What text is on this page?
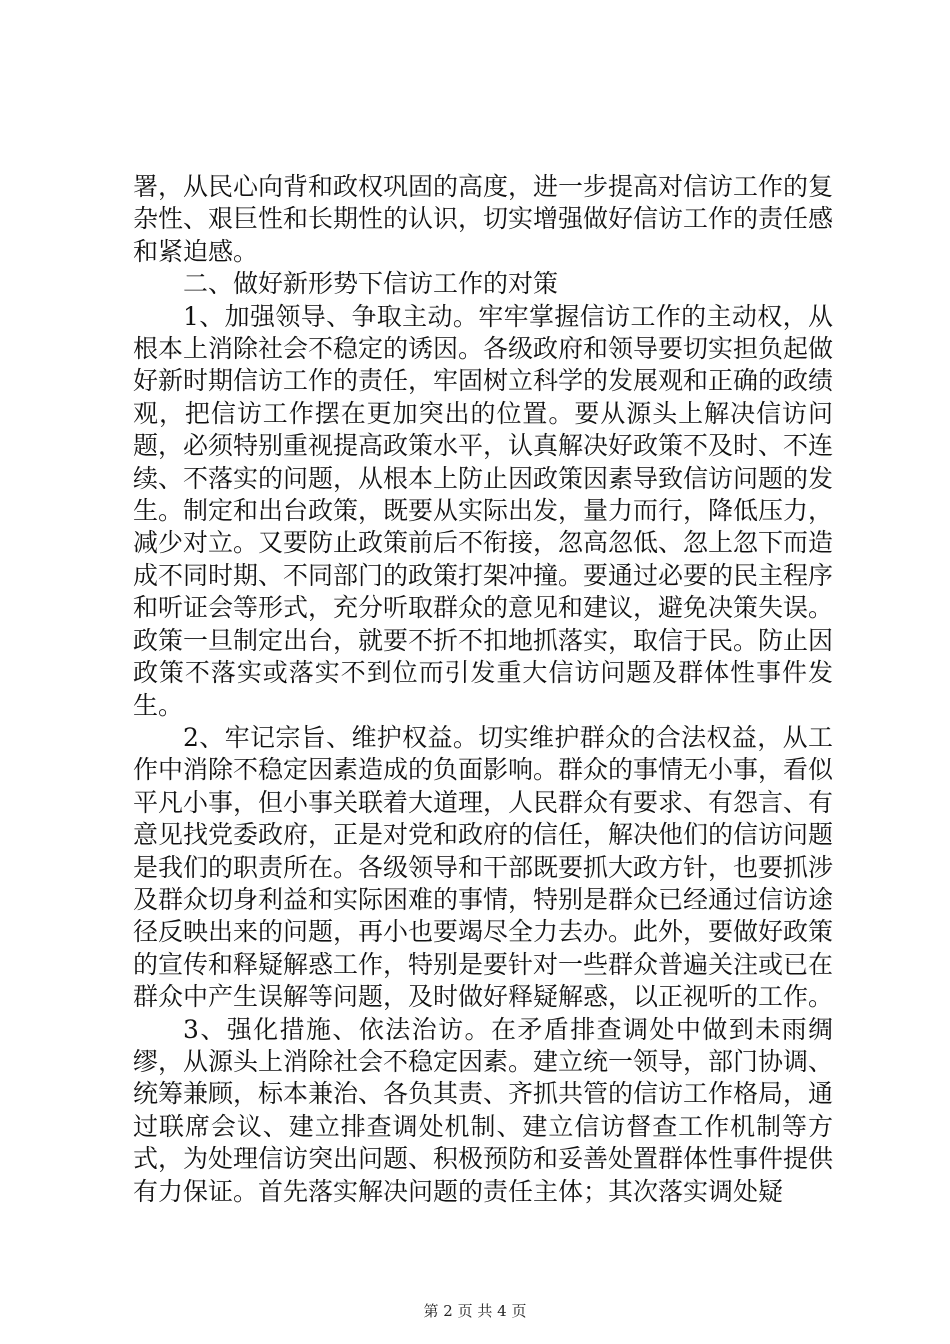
署，从民心向背和政权巩固的高度，进一步提高对信访工作的复杂性、艰巨性和长期性的认识，切实增强做好信访工作的责任感和紧迫感。

二、做好新形势下信访工作的对策

1、加强领导、争取主动。牢牢掌握信访工作的主动权，从根本上消除社会不稳定的诱因。各级政府和领导要切实担负起做好新时期信访工作的责任，牢固树立科学的发展观和正确的政绩观，把信访工作摆在更加突出的位置。要从源头上解决信访问题，必须特别重视提高政策水平，认真解决好政策不及时、不连续、不落实的问题，从根本上防止因政策因素导致信访问题的发生。制定和出台政策，既要从实际出发，量力而行，降低压力，减少对立。又要防止政策前后不衔接，忽高忽低、忽上忽下而造成不同时期、不同部门的政策打架冲撞。要通过必要的民主程序和听证会等形式，充分听取群众的意见和建议，避免决策失误。政策一旦制定出台，就要不折不扣地抓落实，取信于民。防止因政策不落实或落实不到位而引发重大信访问题及群体性事件发生。

2、牢记宗旨、维护权益。切实维护群众的合法权益，从工作中消除不稳定因素造成的负面影响。群众的事情无小事，看似平凡小事，但小事关联着大道理，人民群众有要求、有怨言、有意见找党委政府，正是对党和政府的信任，解决他们的信访问题是我们的职责所在。各级领导和干部既要抓大政方针，也要抓涉及群众切身利益和实际困难的事情，特别是群众已经通过信访途径反映出来的问题，再小也要竭尽全力去办。此外，要做好政策的宣传和释疑解惑工作，特别是要针对一些群众普遍关注或已在群众中产生误解等问题，及时做好释疑解惑，以正视听的工作。

3、强化措施、依法治访。在矛盾排查调处中做到未雨绸缪，从源头上消除社会不稳定因素。建立统一领导，部门协调、统筹兼顾，标本兼治、各负其责、齐抓共管的信访工作格局，通过联席会议、建立排查调处机制、建立信访督查工作机制等方式，为处理信访突出问题、积极预防和妥善处置群体性事件提供有力保证。首先落实解决问题的责任主体；其次落实调处疑

第 2 页 共 4 页
